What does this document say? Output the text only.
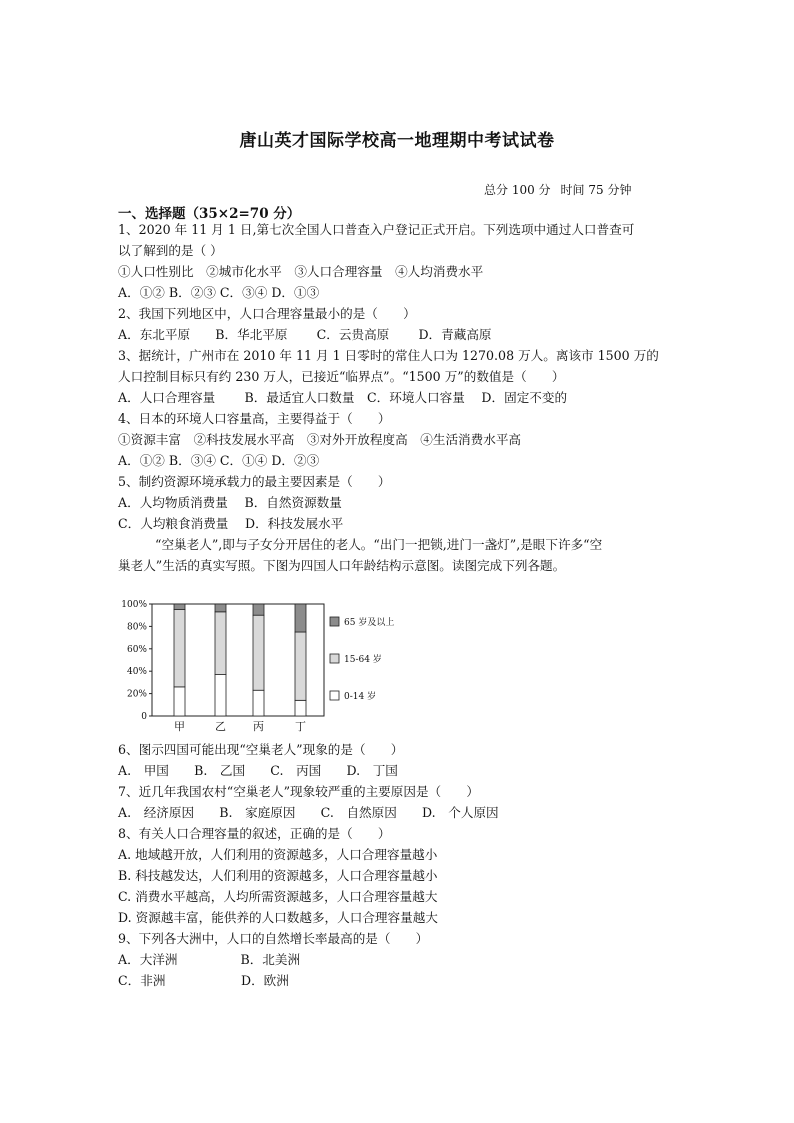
唐山英才国际学校高一地理期中考试试卷
总分 100 分 时间 75 分钟
一、选择题（35×2=70 分）
1、2020 年 11 月 1 日,第七次全国人口普查入户登记正式开启。下列选项中通过人口普查可
以了解到的是（ ）
①人口性别比　②城市化水平　③人口合理容量　④人均消费水平
A．①② B．②③ C．③④ D．①③
2、我国下列地区中，人口合理容量最小的是（　　）
A．东北平原　　B．华北平原　　 C．云贵高原　　 D．青藏高原
3、据统计，广州市在 2010 年 11 月 1 日零时的常住人口为 1270.08 万人。离该市 1500 万的
人口控制目标只有约 230 万人，已接近“临界点”。“1500 万”的数值是（　　）
A．人口合理容量　　 B．最适宜人口数量　C．环境人口容量　 D．固定不变的
4、日本的环境人口容量高，主要得益于（　　）
①资源丰富　②科技发展水平高　③对外开放程度高　④生活消费水平高
A．①② B．③④ C．①④ D．②③
5、制约资源环境承载力的最主要因素是（　　）
A．人均物质消费量　 B．自然资源数量
C．人均粮食消费量　 D．科技发展水平
“空巢老人”,即与子女分开居住的老人。“出门一把锁,进门一盏灯”,是眼下许多“空
巢老人”生活的真实写照。下图为四国人口年龄结构示意图。读图完成下列各题。
0
20%
40%
60%
80%
100%
甲	乙 丙	丁
65 岁及以上
15-64 岁
0-14 岁
6、图示四国可能出现“空巢老人”现象的是（　　）
A.　甲国　　B.　乙国　　C.　丙国　　D.　丁国
7、近几年我国农村“空巢老人”现象较严重的主要原因是（　　）
A.　经济原因　　B.　家庭原因　　C.　自然原因　　D.　个人原因
8、有关人口合理容量的叙述，正确的是（　　）
A. 地域越开放，人们利用的资源越多，人口合理容量越小
B. 科技越发达，人们利用的资源越多，人口合理容量越小
C. 消费水平越高，人均所需资源越多，人口合理容量越大
D. 资源越丰富，能供养的人口数越多，人口合理容量越大
9、下列各大洲中，人口的自然增长率最高的是（　　）
A．大洋洲　　　　　B．北美洲
C．非洲　　　　　　D．欧洲
